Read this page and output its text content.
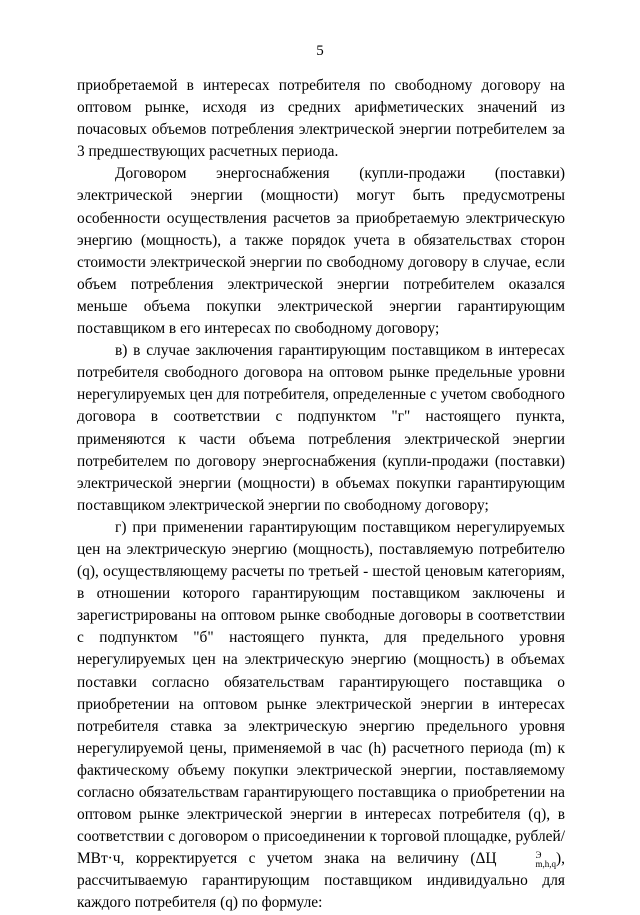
5

приобретаемой в интересах потребителя по свободному договору на оптовом рынке, исходя из средних арифметических значений из почасовых объемов потребления электрической энергии потребителем за 3 предшествующих расчетных периода.

Договором энергоснабжения (купли-продажи (поставки) электрической энергии (мощности) могут быть предусмотрены особенности осуществления расчетов за приобретаемую электрическую энергию (мощность), а также порядок учета в обязательствах сторон стоимости электрической энергии по свободному договору в случае, если объем потребления электрической энергии потребителем оказался меньше объема покупки электрической энергии гарантирующим поставщиком в его интересах по свободному договору;

в) в случае заключения гарантирующим поставщиком в интересах потребителя свободного договора на оптовом рынке предельные уровни нерегулируемых цен для потребителя, определенные с учетом свободного договора в соответствии с подпунктом "г" настоящего пункта, применяются к части объема потребления электрической энергии потребителем по договору энергоснабжения (купли-продажи (поставки) электрической энергии (мощности) в объемах покупки гарантирующим поставщиком электрической энергии по свободному договору;

г) при применении гарантирующим поставщиком нерегулируемых цен на электрическую энергию (мощность), поставляемую потребителю (q), осуществляющему расчеты по третьей - шестой ценовым категориям, в отношении которого гарантирующим поставщиком заключены и зарегистрированы на оптовом рынке свободные договоры в соответствии с подпунктом "б" настоящего пункта, для предельного уровня нерегулируемых цен на электрическую энергию (мощность) в объемах поставки согласно обязательствам гарантирующего поставщика о приобретении на оптовом рынке электрической энергии в интересах потребителя ставка за электрическую энергию предельного уровня нерегулируемой цены, применяемой в час (h) расчетного периода (m) к фактическому объему покупки электрической энергии, поставляемому согласно обязательствам гарантирующего поставщика о приобретении на оптовом рынке электрической энергии в интересах потребителя (q), в соответствии с договором о присоединении к торговой площадке, рублей/МВт·ч, корректируется с учетом знака на величину (ΔЦ	Э
m,h,q ), рассчитываемую гарантирующим поставщиком индивидуально для каждого потребителя (q) по формуле:
